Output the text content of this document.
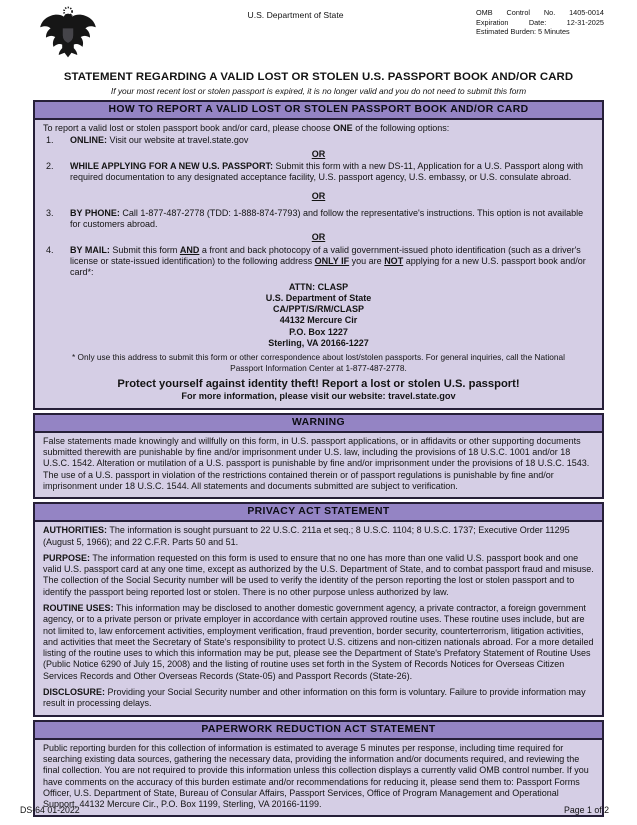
U.S. Department of State	OMB Control No. 1405-0014
Expiration Date: 12-31-2025
Estimated Burden: 5 Minutes
STATEMENT REGARDING A VALID LOST OR STOLEN U.S. PASSPORT BOOK AND/OR CARD
If your most recent lost or stolen passport is expired, it is no longer valid and you do not need to submit this form
HOW TO REPORT A VALID LOST OR STOLEN PASSPORT BOOK AND/OR CARD
To report a valid lost or stolen passport book and/or card, please choose ONE of the following options:
1.	ONLINE: Visit our website at travel.state.gov
OR
2.	WHILE APPLYING FOR A NEW U.S. PASSPORT: Submit this form with a new DS-11, Application for a U.S. Passport along with required documentation to any designated acceptance facility, U.S. passport agency, U.S. embassy, or U.S. consulate abroad.
OR
3.	BY PHONE: Call 1-877-487-2778 (TDD: 1-888-874-7793) and follow the representative's instructions. This option is not available for customers abroad.
OR
4.	BY MAIL: Submit this form AND a front and back photocopy of a valid government-issued photo identification (such as a driver's license or state-issued identification) to the following address ONLY IF you are NOT applying for a new U.S. passport book and/or card*:
ATTN: CLASP
U.S. Department of State
CA/PPT/S/RM/CLASP
44132 Mercure Cir
P.O. Box 1227
Sterling, VA 20166-1227
* Only use this address to submit this form or other correspondence about lost/stolen passports. For general inquiries, call the National Passport Information Center at 1-877-487-2778.
Protect yourself against identity theft! Report a lost or stolen U.S. passport!
For more information, please visit our website: travel.state.gov
WARNING
False statements made knowingly and willfully on this form, in U.S. passport applications, or in affidavits or other supporting documents submitted therewith are punishable by fine and/or imprisonment under U.S. law, including the provisions of 18 U.S.C. 1001 and/or 18 U.S.C. 1542. Alteration or mutilation of a U.S. passport is punishable by fine and/or imprisonment under the provisions of 18 U.S.C. 1543. The use of a U.S. passport in violation of the restrictions contained therein or of passport regulations is punishable by fine and/or imprisonment under 18 U.S.C. 1544. All statements and documents submitted are subject to verification.
PRIVACY ACT STATEMENT
AUTHORITIES: The information is sought pursuant to 22 U.S.C. 211a et seq.; 8 U.S.C. 1104; 8 U.S.C. 1737; Executive Order 11295 (August 5, 1966); and 22 C.F.R. Parts 50 and 51.
PURPOSE: The information requested on this form is used to ensure that no one has more than one valid U.S. passport book and one valid U.S. passport card at any one time, except as authorized by the U.S. Department of State, and to combat passport fraud and misuse. The collection of the Social Security number will be used to verify the identity of the person reporting the lost or stolen passport and to identify the passport being reported lost or stolen. There is no other purpose unless authorized by law.
ROUTINE USES: This information may be disclosed to another domestic government agency, a private contractor, a foreign government agency, or to a private person or private employer in accordance with certain approved routine uses. These routine uses include, but are not limited to, law enforcement activities, employment verification, fraud prevention, border security, counterterrorism, litigation activities, and activities that meet the Secretary of State's responsibility to protect U.S. citizens and non-citizen nationals abroad. For a more detailed listing of the routine uses to which this information may be put, please see the Department of State's Prefatory Statement of Routine Uses (Public Notice 6290 of July 15, 2008) and the listing of routine uses set forth in the System of Records Notices for Overseas Citizen Services Records and Other Overseas Records (State-05) and Passport Records (State-26).
DISCLOSURE: Providing your Social Security number and other information on this form is voluntary. Failure to provide information may result in processing delays.
PAPERWORK REDUCTION ACT STATEMENT
Public reporting burden for this collection of information is estimated to average 5 minutes per response, including time required for searching existing data sources, gathering the necessary data, providing the information and/or documents required, and reviewing the final collection. You are not required to provide this information unless this collection displays a currently valid OMB control number. If you have comments on the accuracy of this burden estimate and/or recommendations for reducing it, please send them to: Passport Forms Officer, U.S. Department of State, Bureau of Consular Affairs, Passport Services, Office of Program Management and Operational Support, 44132 Mercure Cir., P.O. Box 1199, Sterling, VA 20166-1199.
DS-64 01-2022	Page 1 of 2
